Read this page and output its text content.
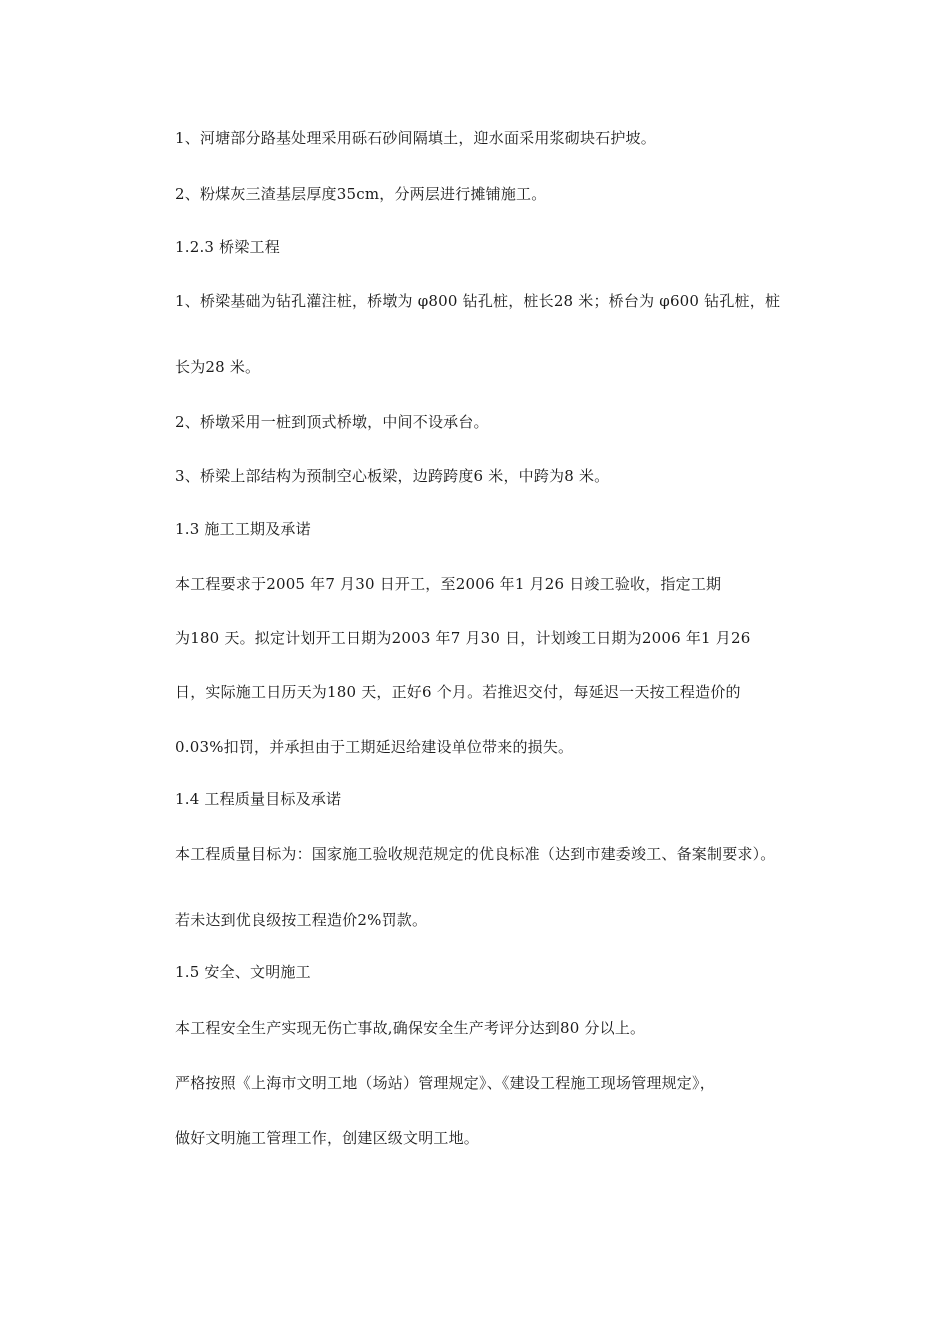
1、河塘部分路基处理采用砾石砂间隔填土，迎水面采用浆砌块石护坡。
2、粉煤灰三渣基层厚度35cm，分两层进行摊铺施工。
1.2.3 桥梁工程
1、桥梁基础为钻孔灌注桩，桥墩为 φ800 钻孔桩，桩长28 米；桥台为 φ600 钻孔桩，桩
长为28 米。
2、桥墩采用一桩到顶式桥墩，中间不设承台。
3、桥梁上部结构为预制空心板梁，边跨跨度6 米，中跨为8 米。
1.3 施工工期及承诺
本工程要求于2005 年7 月30 日开工，至2006 年1 月26 日竣工验收，指定工期
为180 天。拟定计划开工日期为2003 年7 月30 日，计划竣工日期为2006 年1 月26
日，实际施工日历天为180 天，正好6 个月。若推迟交付，每延迟一天按工程造价的
0.03%扣罚，并承担由于工期延迟给建设单位带来的损失。
1.4 工程质量目标及承诺
本工程质量目标为：国家施工验收规范规定的优良标准（达到市建委竣工、备案制要求）。
若未达到优良级按工程造价2%罚款。
1.5 安全、文明施工
本工程安全生产实现无伤亡事故,确保安全生产考评分达到80 分以上。
严格按照《上海市文明工地（场站）管理规定》、《建设工程施工现场管理规定》，
做好文明施工管理工作，创建区级文明工地。
